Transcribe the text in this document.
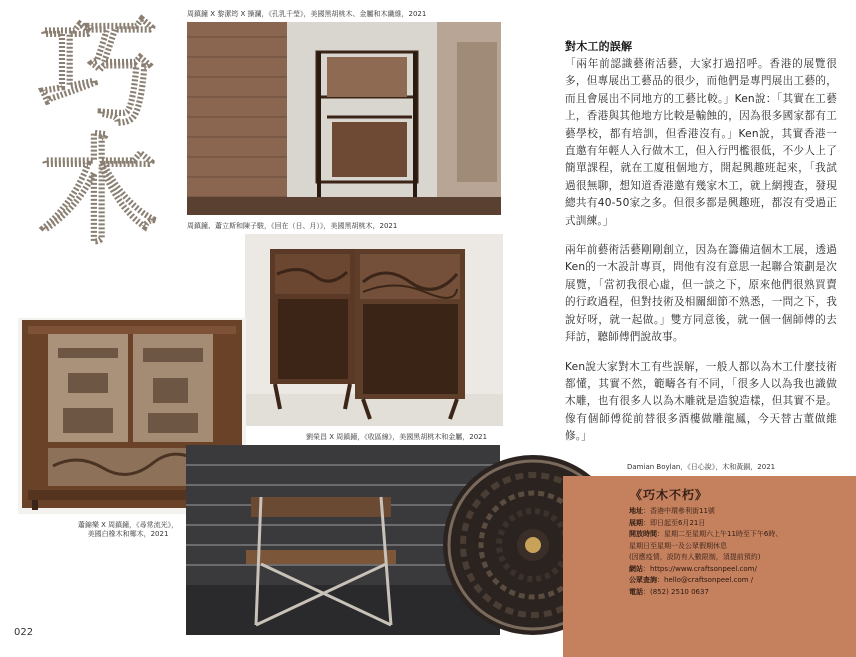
巧木	周鎮鐘 X 黎潔筠 X 操瀾，《孔乳千瑩》，美國黑胡桃木、金屬和木纖維，2021
周鎮鐘、蕭立斯和陳子駿，《回在（日、月）》，美國黑胡桃木，2021
劉榮昌 X 周鎮鐘，《收區線》，美國黑胡桃木和金屬，2021
蕭錦樂 X 周鎮鐘，《尋常流光》，
美國白橡木和椰木，2021
Damian Boylan，《日心說》，木和黃銅，2021
對木工的誤解

「兩年前認識藝術活藝，大家打過招呼。香港的展覽很多，但專展出工藝品的很少，而他們是專門展出工藝的，而且會展出不同地方的工藝比較。」Ken說：「其實在工藝上，香港與其他地方比較是輸蝕的，因為很多國家都有工藝學校，都有培訓，但香港沒有。」Ken說，其實香港一直邀有年輕人入行做木工，但入行門檻很低，不少人上了簡單課程，就在工廈租個地方，開起興趣班起來，「我試過很無聊，想知道香港邀有幾家木工，就上網搜查，發現總共有40-50家之多。但很多都是興趣班，都沒有受過正式訓練。」

兩年前藝術活藝剛剛創立，因為在籌備這個木工展，透過Ken的一木設計專頁，問他有沒有意思一起聯合策劃是次展覽，「當初我很心虛，但一談之下，原來他們很熟買賣的行政過程，但對技術及相關細節不熟悉，一問之下，我說好呀，就一起做。」雙方同意後，就一個一個師傅的去拜訪，聽師傅們說故事。

Ken說大家對木工有些誤解，一般人都以為木工什麼技術都懂，其實不然，範疇各有不同，「很多人以為我也識做木雕，也有很多人以為木雕就是造貌造樣，但其實不是。像有個師傅從前替很多酒樓做雕龍鳳，今天替古董做維修。」

《巧木不朽》
地址：香港中環參利街11號
展期：即日起至6月21日
開放時間：星期二至星期六上午11時至下午6時、
星期日至星期一及公眾假期休息
(因應疫情，設防有人數限制，須提前預約)
網站：https://www.craftsonpeel.com/
公眾查詢：hello@craftsonpeel.com /
電話：(852) 2510 0637
022
